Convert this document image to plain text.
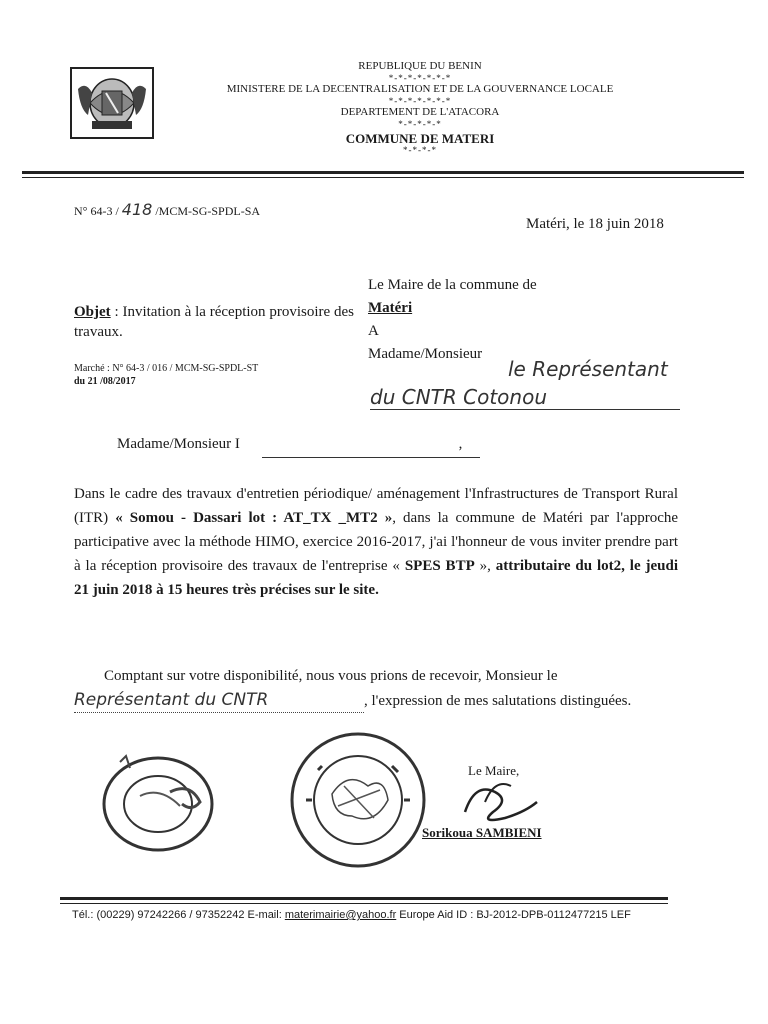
REPUBLIQUE DU BENIN
*-*-*-*-*-*-*
MINISTERE DE LA DECENTRALISATION ET DE LA GOUVERNANCE LOCALE
*-*-*-*-*-*-*
DEPARTEMENT DE L'ATACORA
*-*-*-*-*
COMMUNE DE MATERI
*-*-*-*
N° 64-3 / 418 /MCM-SG-SPDL-SA
Matéri, le 18 juin 2018
Le Maire de la commune de
Matéri
A
Madame/Monsieur
le Représentant
du CNTR Cotonou
Objet : Invitation à la réception provisoire des travaux.
Marché : N° 64-3 / 016 / MCM-SG-SPDL-ST
du 21 /08/2017
Madame/Monsieur I	,
Dans le cadre des travaux d'entretien périodique/ aménagement l'Infrastructures de Transport Rural (ITR) « Somou - Dassari lot : AT_TX _MT2 », dans la commune de Matéri par l'approche participative avec la méthode HIMO, exercice 2016-2017, j'ai l'honneur de vous inviter prendre part à la réception provisoire des travaux de l'entreprise « SPES BTP », attributaire du lot2, le jeudi 21 juin 2018 à 15 heures très précises sur le site.
Comptant sur votre disponibilité, nous vous prions de recevoir, Monsieur le
Représentant du CNTR	, l'expression de mes salutations distinguées.
Le Maire,
Sorikoua SAMBIENI
Tél.: (00229) 97242266 / 97352242 E-mail: materimairie@yahoo.fr Europe Aid ID : BJ-2012-DPB-0112477215 LEF
